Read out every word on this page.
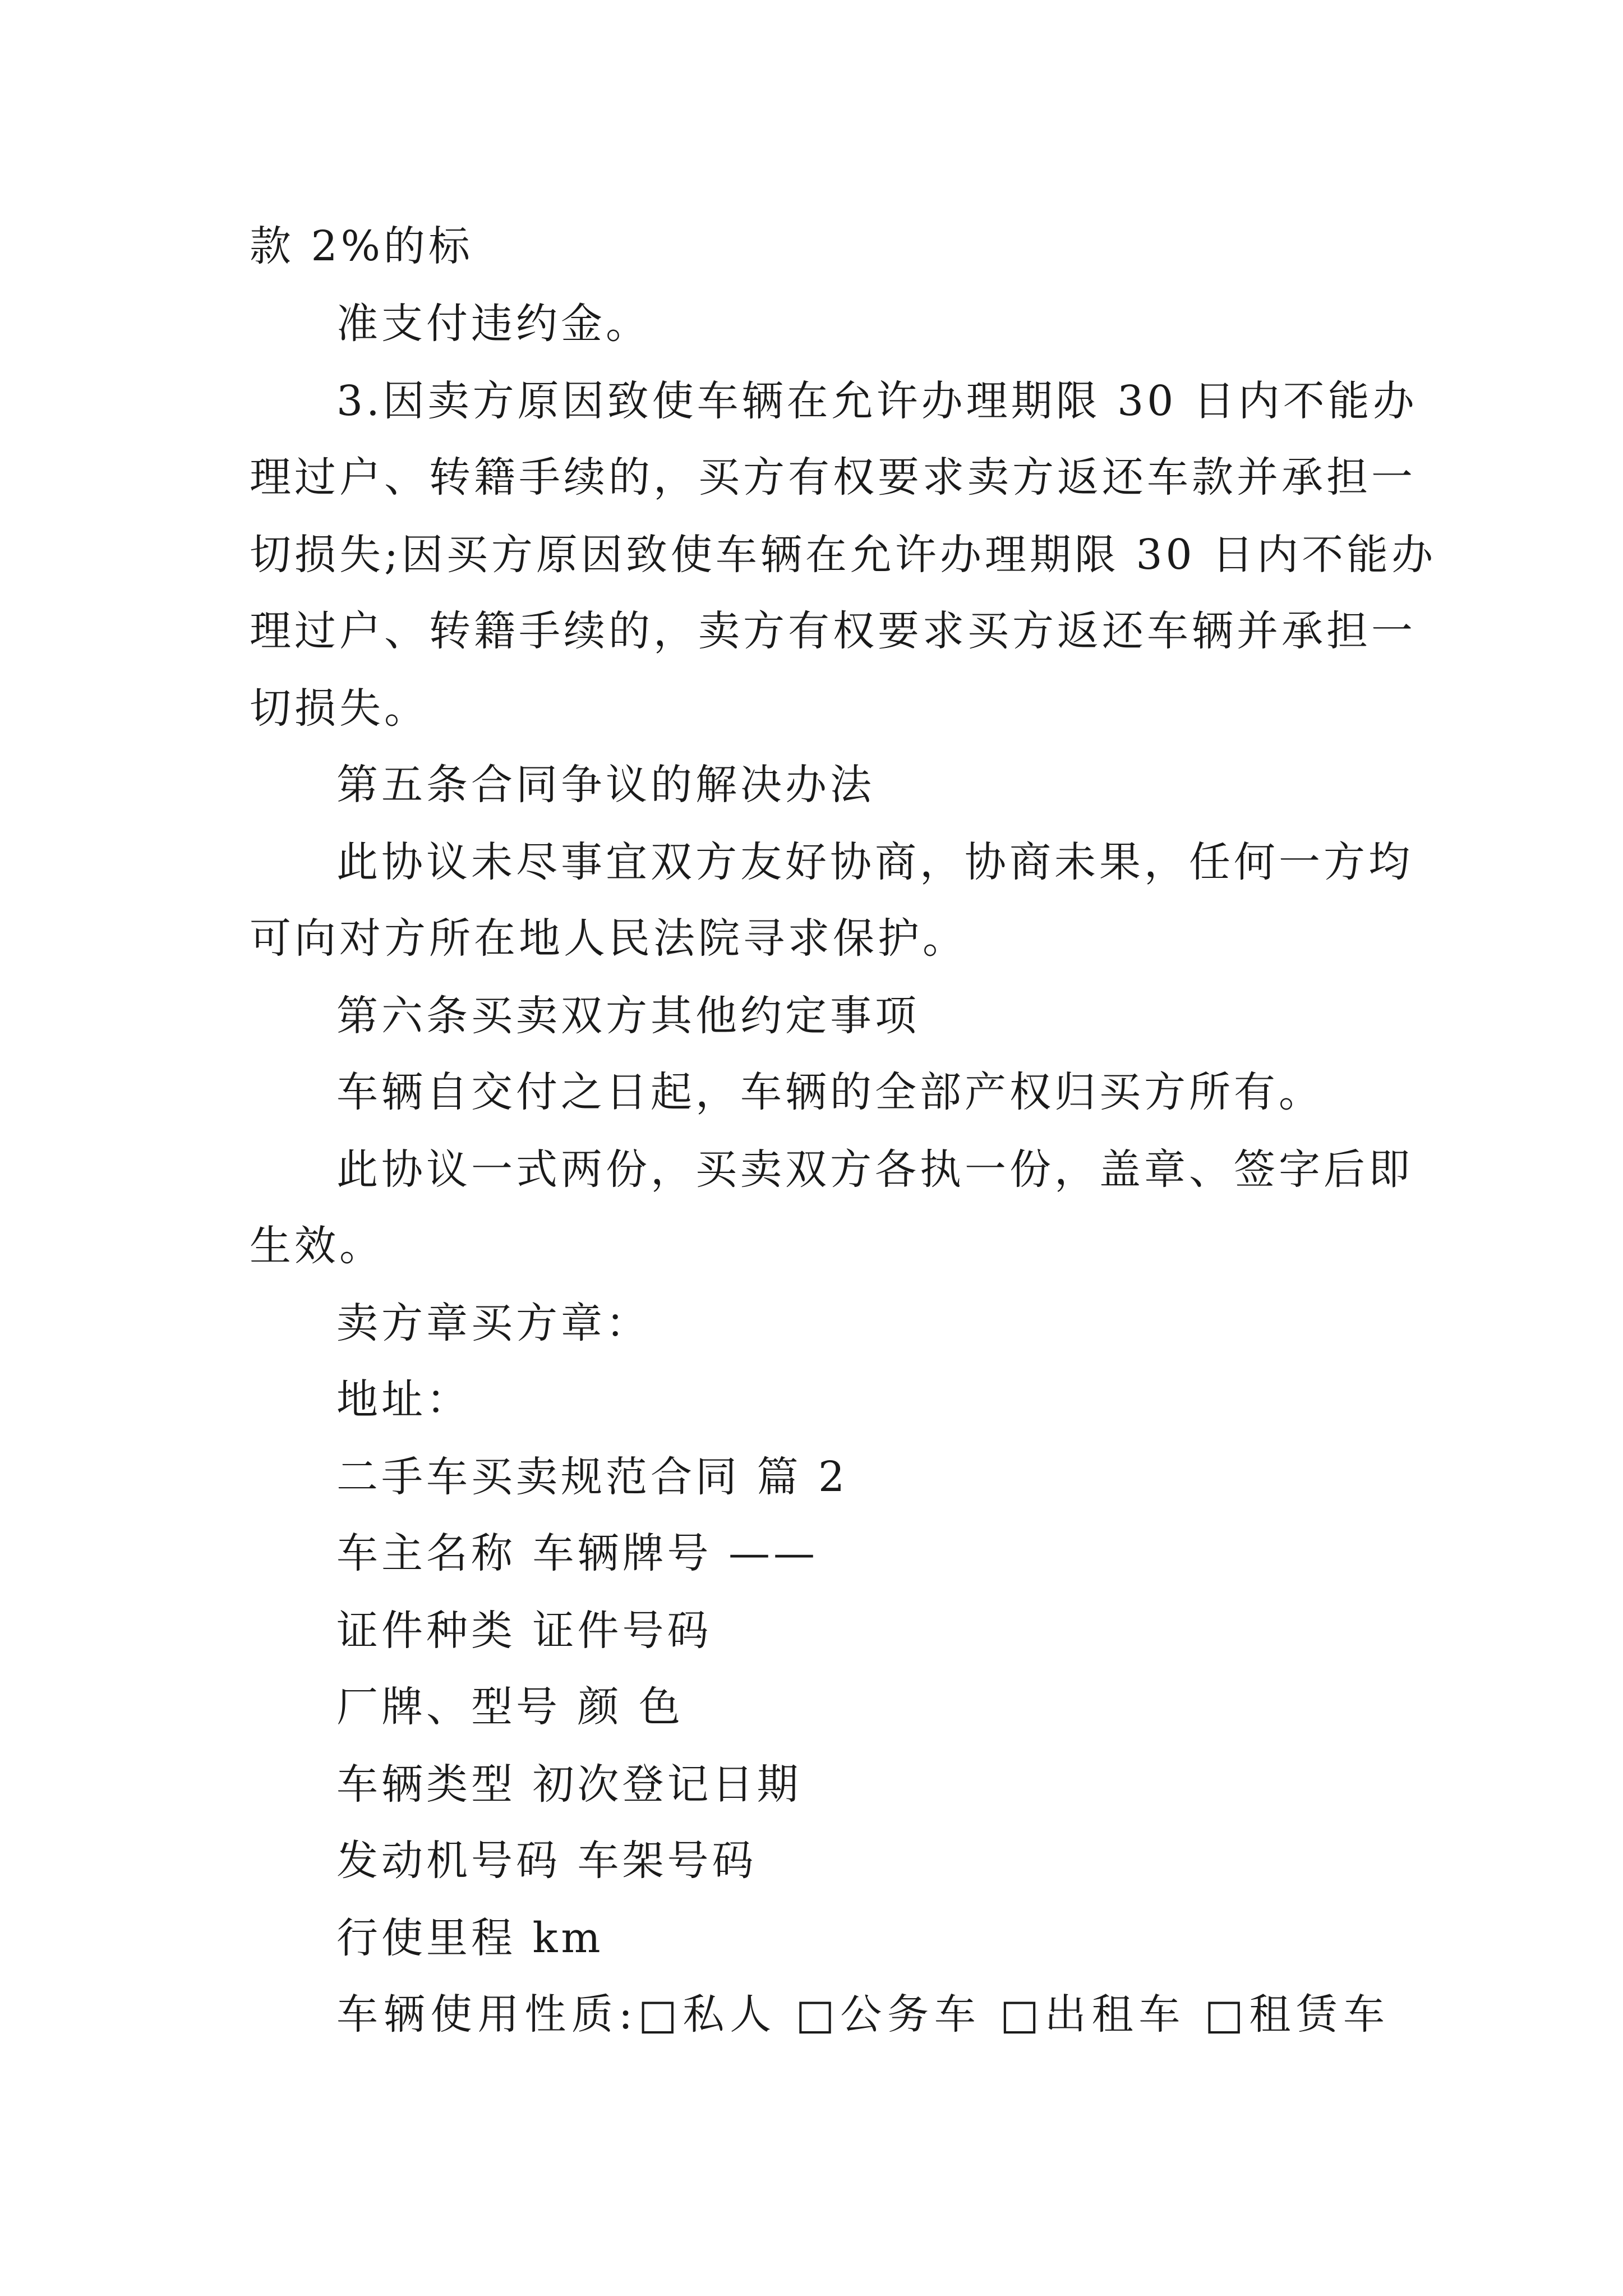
款 2%的标
准支付违约金。
3.因卖方原因致使车辆在允许办理期限 30 日内不能办
理过户、转籍手续的，买方有权要求卖方返还车款并承担一
切损失;因买方原因致使车辆在允许办理期限 30 日内不能办
理过户、转籍手续的，卖方有权要求买方返还车辆并承担一
切损失。
第五条合同争议的解决办法
此协议未尽事宜双方友好协商，协商未果，任何一方均
可向对方所在地人民法院寻求保护。
第六条买卖双方其他约定事项
车辆自交付之日起，车辆的全部产权归买方所有。
此协议一式两份，买卖双方各执一份，盖章、签字后即
生效。
卖方章买方章：
地址：
二手车买卖规范合同 篇 2
车主名称 车辆牌号 ——
证件种类 证件号码
厂牌、型号 颜 色
车辆类型 初次登记日期
发动机号码 车架号码
行使里程 km
车辆使用性质:□私人 □公务车 □出租车 □租赁车
